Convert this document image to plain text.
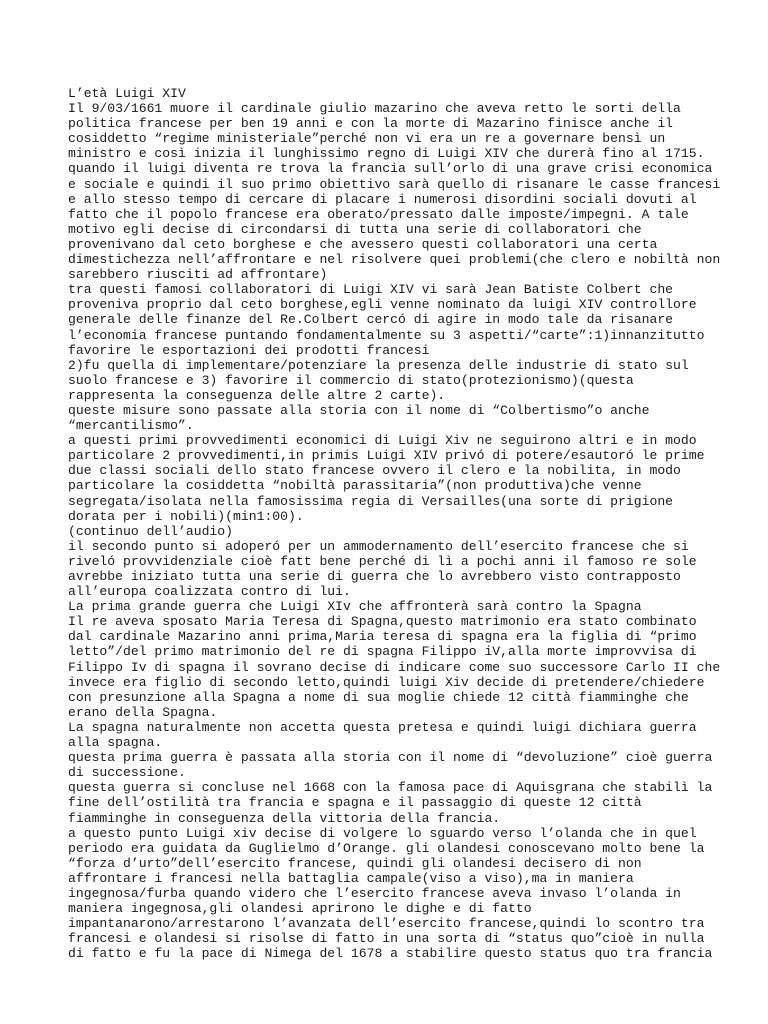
L’età Luigi XIV
Il 9/03/1661 muore il cardinale giulio mazarino che aveva retto le sorti della
politica francese per ben 19 anni e con la morte di Mazarino finisce anche il
cosiddetto “regime ministeriale”perché non vi era un re a governare bensì un
ministro e così inizia il lunghissimo regno di Luigi XIV che durerà fino al 1715.
quando il luigi diventa re trova la francia sull’orlo di una grave crisi economica
e sociale e quindi il suo primo obiettivo sarà quello di risanare le casse francesi
e allo stesso tempo di cercare di placare i numerosi disordini sociali dovuti al
fatto che il popolo francese era oberato/pressato dalle imposte/impegni. A tale
motivo egli decise di circondarsi di tutta una serie di collaboratori che
provenivano dal ceto borghese e che avessero questi collaboratori una certa
dimestichezza nell’affrontare e nel risolvere quei problemi(che clero e nobiltà non
sarebbero riusciti ad affrontare)
tra questi famosi collaboratori di Luigi XIV vi sarà Jean Batiste Colbert che
proveniva proprio dal ceto borghese,egli venne nominato da luigi XIV controllore
generale delle finanze del Re.Colbert cercó di agire in modo tale da risanare
l’economia francese puntando fondamentalmente su 3 aspetti/“carte”:1)innanzitutto
favorire le esportazioni dei prodotti francesi
2)fu quella di implementare/potenziare la presenza delle industrie di stato sul
suolo francese e 3) favorire il commercio di stato(protezionismo)(questa
rappresenta la conseguenza delle altre 2 carte).
queste misure sono passate alla storia con il nome di “Colbertismo”o anche
“mercantilismo”.
a questi primi provvedimenti economici di Luigi Xiv ne seguirono altri e in modo
particolare 2 provvedimenti,in primis Luigi XIV privó di potere/esautoró le prime
due classi sociali dello stato francese ovvero il clero e la nobilita, in modo
particolare la cosiddetta “nobiltà parassitaria”(non produttiva)che venne
segregata/isolata nella famosissima regia di Versailles(una sorte di prigione
dorata per i nobili)(min1:00).
(continuo dell’audio)
il secondo punto si adoperó per un ammodernamento dell’esercito francese che si
riveló provvidenziale cioè fatt bene perché di lì a pochi anni il famoso re sole
avrebbe iniziato tutta una serie di guerra che lo avrebbero visto contrapposto
all’europa coalizzata contro di lui.
La prima grande guerra che Luigi XIv che affronterà sarà contro la Spagna
Il re aveva sposato Maria Teresa di Spagna,questo matrimonio era stato combinato
dal cardinale Mazarino anni prima,Maria teresa di spagna era la figlia di “primo
letto”/del primo matrimonio del re di spagna Filippo iV,alla morte improvvisa di
Filippo Iv di spagna il sovrano decise di indicare come suo successore Carlo II che
invece era figlio di secondo letto,quindi luigi Xiv decide di pretendere/chiedere
con presunzione alla Spagna a nome di sua moglie chiede 12 città fiamminghe che
erano della Spagna.
La spagna naturalmente non accetta questa pretesa e quindi luigi dichiara guerra
alla spagna.
questa prima guerra è passata alla storia con il nome di “devoluzione” cioè guerra
di successione.
questa guerra si concluse nel 1668 con la famosa pace di Aquisgrana che stabilì la
fine dell’ostilità tra francia e spagna e il passaggio di queste 12 città
fiamminghe in conseguenza della vittoria della francia.
a questo punto Luigi xiv decise di volgere lo sguardo verso l’olanda che in quel
periodo era guidata da Guglielmo d’Orange. gli olandesi conoscevano molto bene la
“forza d’urto”dell’esercito francese, quindi gli olandesi decisero di non
affrontare i francesi nella battaglia campale(viso a viso),ma in maniera
ingegnosa/furba quando videro che l’esercito francese aveva invaso l’olanda in
maniera ingegnosa,gli olandesi aprirono le dighe e di fatto
impantanarono/arrestarono l’avanzata dell’esercito francese,quindi lo scontro tra
francesi e olandesi si risolse di fatto in una sorta di “status quo”cioè in nulla
di fatto e fu la pace di Nimega del 1678 a stabilire questo status quo tra francia
